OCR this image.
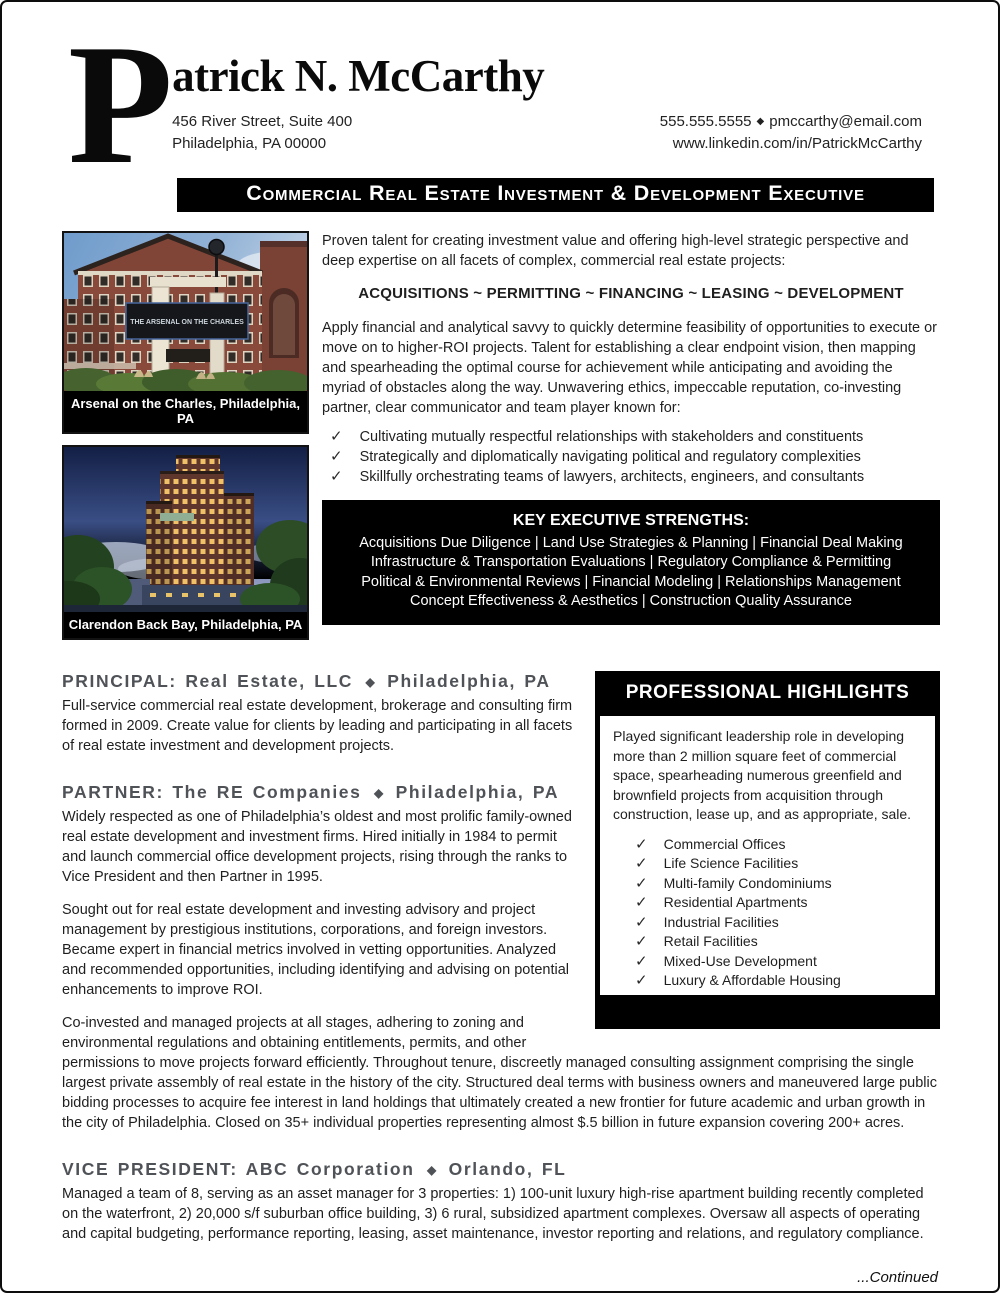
P atrick N. McCarthy
456 River Street, Suite 400
Philadelphia, PA 00000
555.555.5555 ◆ pmccarthy@email.com
www.linkedin.com/in/PatrickMcCarthy
Commercial Real Estate Investment & Development Executive
THE ARSENAL ON THE CHARLES
Arsenal on the Charles, Philadelphia, PA
Clarendon Back Bay, Philadelphia, PA

Proven talent for creating investment value and offering high-level strategic perspective and deep expertise on all facets of complex, commercial real estate projects:

ACQUISITIONS ~ PERMITTING ~ FINANCING ~ LEASING ~ DEVELOPMENT

Apply financial and analytical savvy to quickly determine feasibility of opportunities to execute or move on to higher-ROI projects. Talent for establishing a clear endpoint vision, then mapping and spearheading the optimal course for achievement while anticipating and avoiding the myriad of obstacles along the way. Unwavering ethics, impeccable reputation, co-investing partner, clear communicator and team player known for:

✓ Cultivating mutually respectful relationships with stakeholders and constituents
✓ Strategically and diplomatically navigating political and regulatory complexities
✓ Skillfully orchestrating teams of lawyers, architects, engineers, and consultants
KEY EXECUTIVE STRENGTHS:
Acquisitions Due Diligence | Land Use Strategies & Planning | Financial Deal Making
Infrastructure & Transportation Evaluations | Regulatory Compliance & Permitting
Political & Environmental Reviews | Financial Modeling | Relationships Management
Concept Effectiveness & Aesthetics | Construction Quality Assurance
PROFESSIONAL HIGHLIGHTS

Played significant leadership role in developing more than 2 million square feet of commercial space, spearheading numerous greenfield and brownfield projects from acquisition through construction, lease up, and as appropriate, sale.

✓ Commercial Offices
✓ Life Science Facilities
✓ Multi-family Condominiums
✓ Residential Apartments
✓ Industrial Facilities
✓ Retail Facilities
✓ Mixed-Use Development
✓ Luxury & Affordable Housing
PRINCIPAL: Real Estate, LLC ◆ Philadelphia, PA

Full-service commercial real estate development, brokerage and consulting firm formed in 2009. Create value for clients by leading and participating in all facets of real estate investment and development projects.

PARTNER: The RE Companies ◆ Philadelphia, PA

Widely respected as one of Philadelphia’s oldest and most prolific family-owned real estate development and investment firms. Hired initially in 1984 to permit and launch commercial office development projects, rising through the ranks to Vice President and then Partner in 1995.

Sought out for real estate development and investing advisory and project management by prestigious institutions, corporations, and foreign investors. Became expert in financial metrics involved in vetting opportunities. Analyzed and recommended opportunities, including identifying and advising on potential enhancements to improve ROI.

Co-invested and managed projects at all stages, adhering to zoning and environmental regulations and obtaining entitlements, permits, and other permissions to move projects forward efficiently. Throughout tenure, discreetly managed consulting assignment comprising the single largest private assembly of real estate in the history of the city. Structured deal terms with business owners and maneuvered large public bidding processes to acquire fee interest in land holdings that ultimately created a new frontier for future academic and urban growth in the city of Philadelphia. Closed on 35+ individual properties representing almost $.5 billion in future expansion covering 200+ acres.

VICE PRESIDENT: ABC Corporation ◆ Orlando, FL

Managed a team of 8, serving as an asset manager for 3 properties: 1) 100-unit luxury high-rise apartment building recently completed on the waterfront, 2) 20,000 s/f suburban office building, 3) 6 rural, subsidized apartment complexes. Oversaw all aspects of operating and capital budgeting, performance reporting, leasing, asset maintenance, investor reporting and relations, and regulatory compliance.

...Continued
